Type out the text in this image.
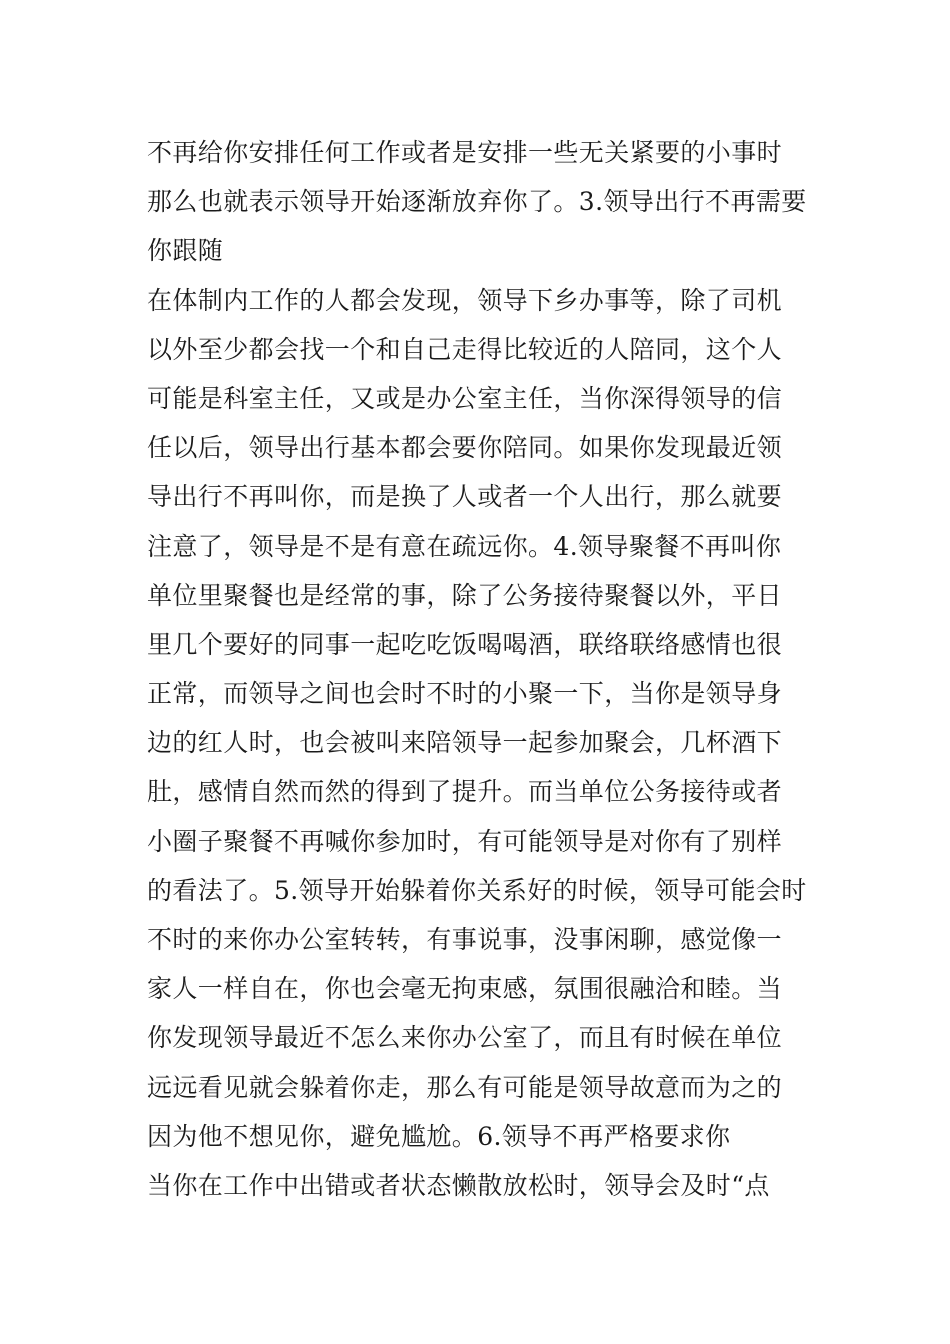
不再给你安排任何工作或者是安排一些无关紧要的小事时
那么也就表示领导开始逐渐放弃你了。3.领导出行不再需要
你跟随
在体制内工作的人都会发现，领导下乡办事等，除了司机
以外至少都会找一个和自己走得比较近的人陪同，这个人
可能是科室主任，又或是办公室主任，当你深得领导的信
任以后，领导出行基本都会要你陪同。如果你发现最近领
导出行不再叫你，而是换了人或者一个人出行，那么就要
注意了，领导是不是有意在疏远你。4.领导聚餐不再叫你
单位里聚餐也是经常的事，除了公务接待聚餐以外，平日
里几个要好的同事一起吃吃饭喝喝酒，联络联络感情也很
正常，而领导之间也会时不时的小聚一下，当你是领导身
边的红人时，也会被叫来陪领导一起参加聚会，几杯酒下
肚，感情自然而然的得到了提升。而当单位公务接待或者
小圈子聚餐不再喊你参加时，有可能领导是对你有了别样
的看法了。5.领导开始躲着你关系好的时候，领导可能会时
不时的来你办公室转转，有事说事，没事闲聊，感觉像一
家人一样自在，你也会毫无拘束感，氛围很融洽和睦。当
你发现领导最近不怎么来你办公室了，而且有时候在单位
远远看见就会躲着你走，那么有可能是领导故意而为之的
因为他不想见你，避免尴尬。6.领导不再严格要求你
当你在工作中出错或者状态懒散放松时，领导会及时“点
